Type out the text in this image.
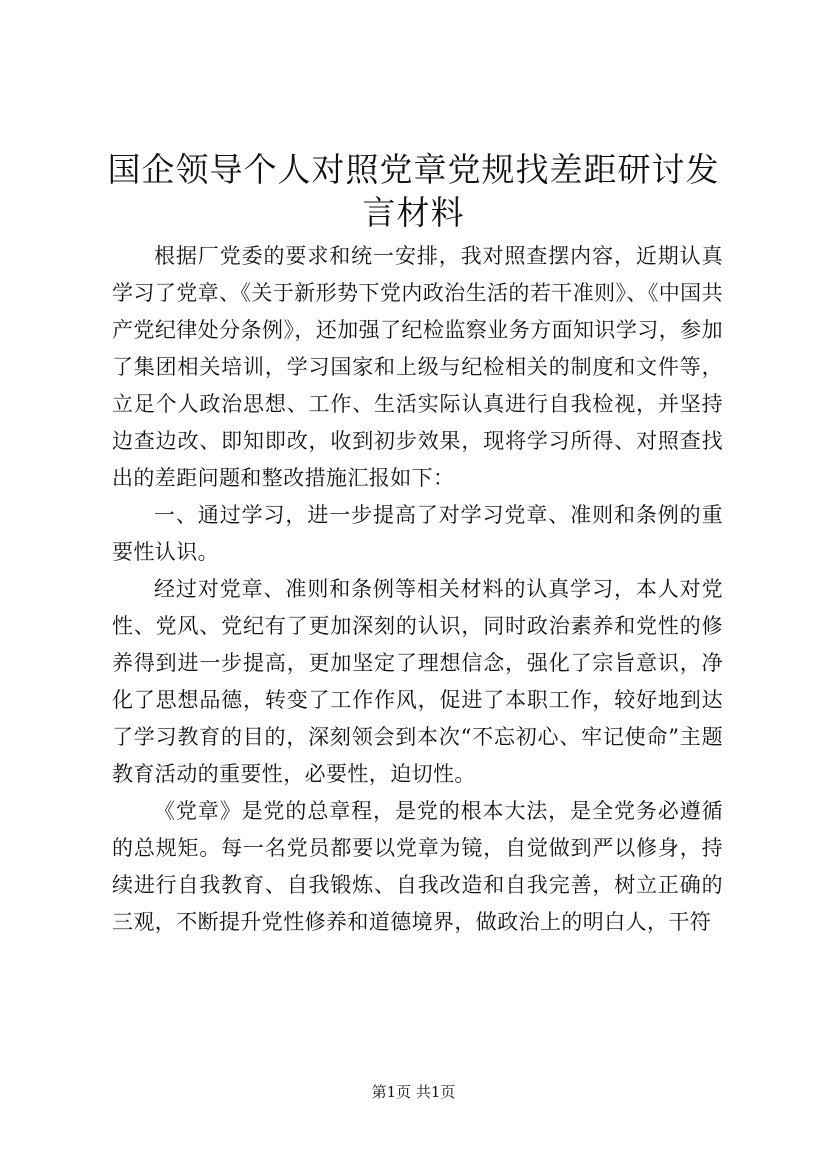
国企领导个人对照党章党规找差距研讨发言材料

根据厂党委的要求和统一安排，我对照查摆内容，近期认真学习了党章、《关于新形势下党内政治生活的若干准则》、《中国共产党纪律处分条例》，还加强了纪检监察业务方面知识学习，参加了集团相关培训，学习国家和上级与纪检相关的制度和文件等，立足个人政治思想、工作、生活实际认真进行自我检视，并坚持边查边改、即知即改，收到初步效果，现将学习所得、对照查找出的差距问题和整改措施汇报如下：

一、通过学习，进一步提高了对学习党章、准则和条例的重要性认识。

经过对党章、准则和条例等相关材料的认真学习，本人对党性、党风、党纪有了更加深刻的认识，同时政治素养和党性的修养得到进一步提高，更加坚定了理想信念，强化了宗旨意识，净化了思想品德，转变了工作作风，促进了本职工作，较好地到达了学习教育的目的，深刻领会到本次“不忘初心、牢记使命”主题教育活动的重要性，必要性，迫切性。

《党章》是党的总章程，是党的根本大法，是全党务必遵循的总规矩。每一名党员都要以党章为镜，自觉做到严以修身，持续进行自我教育、自我锻炼、自我改造和自我完善，树立正确的三观，不断提升党性修养和道德境界，做政治上的明白人，干符

第1页 共1页
